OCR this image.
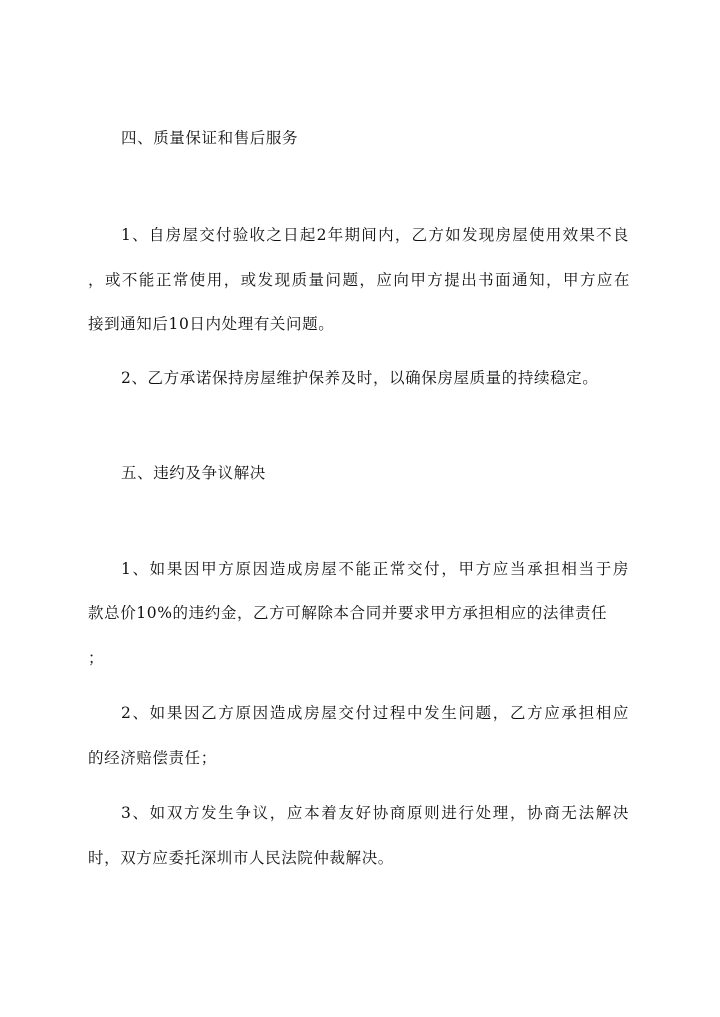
四、质量保证和售后服务
1、自房屋交付验收之日起2年期间内，乙方如发现房屋使用效果不良
，或不能正常使用，或发现质量问题，应向甲方提出书面通知，甲方应在
接到通知后10日内处理有关问题。
2、乙方承诺保持房屋维护保养及时，以确保房屋质量的持续稳定。
五、违约及争议解决
1、如果因甲方原因造成房屋不能正常交付，甲方应当承担相当于房
款总价10%的违约金，乙方可解除本合同并要求甲方承担相应的法律责任
；
2、如果因乙方原因造成房屋交付过程中发生问题，乙方应承担相应
的经济赔偿责任；
3、如双方发生争议，应本着友好协商原则进行处理，协商无法解决
时，双方应委托深圳市人民法院仲裁解决。
